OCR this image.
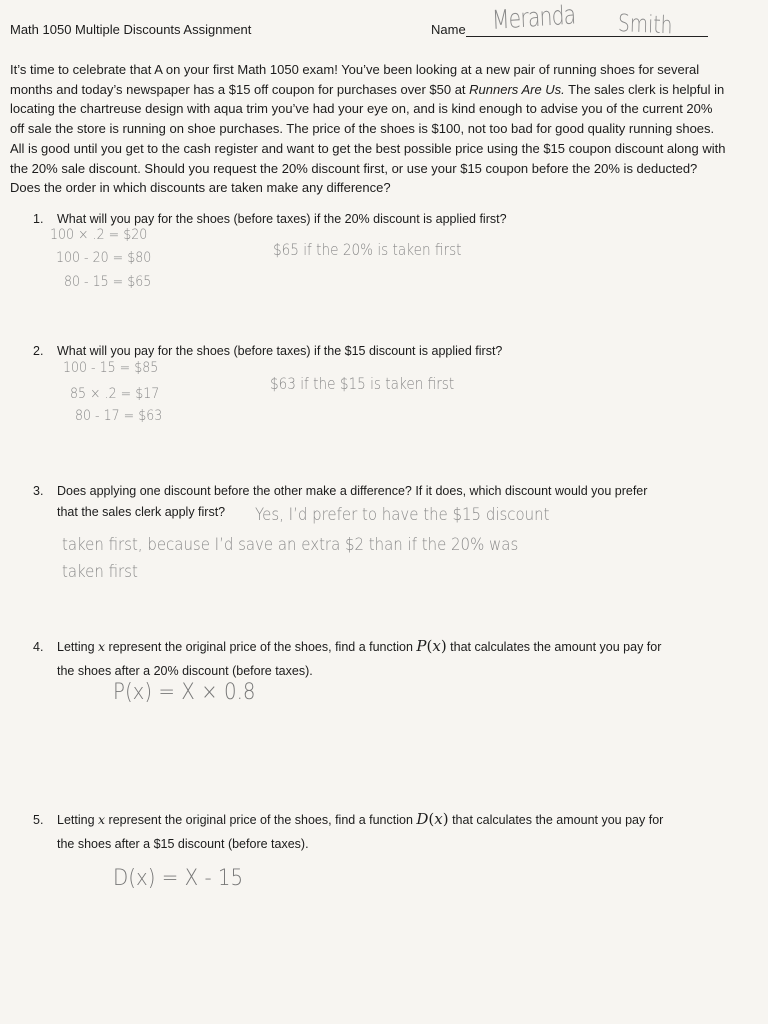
Math 1050 Multiple Discounts Assignment	Name Meranda Smith
It’s time to celebrate that A on your first Math 1050 exam! You’ve been looking at a new pair of running shoes for several months and today’s newspaper has a $15 off coupon for purchases over $50 at Runners Are Us. The sales clerk is helpful in locating the chartreuse design with aqua trim you’ve had your eye on, and is kind enough to advise you of the current 20% off sale the store is running on shoe purchases. The price of the shoes is $100, not too bad for good quality running shoes. All is good until you get to the cash register and want to get the best possible price using the $15 coupon discount along with the 20% sale discount. Should you request the 20% discount first, or use your $15 coupon before the 20% is deducted? Does the order in which discounts are taken make any difference?
1. What will you pay for the shoes (before taxes) if the 20% discount is applied first?
100 × .2 = $20
100 - 20 = $80
80 - 15 = $65
$65 if the 20% is taken first
2. What will you pay for the shoes (before taxes) if the $15 discount is applied first?
100 - 15 = $85
85 × .2 = $17
80 - 17 = $63
$63 if the $15 is taken first
3. Does applying one discount before the other make a difference? If it does, which discount would you prefer
that the sales clerk apply first?	Yes, I’d prefer to have the $15 discount
taken first, because I’d save an extra $2 than if the 20% was
taken first
4. Letting x represent the original price of the shoes, find a function P(x) that calculates the amount you pay for
the shoes after a 20% discount (before taxes).
P(x) = X × 0.8
5. Letting x represent the original price of the shoes, find a function D(x) that calculates the amount you pay for
the shoes after a $15 discount (before taxes).
D(x) = X - 15
